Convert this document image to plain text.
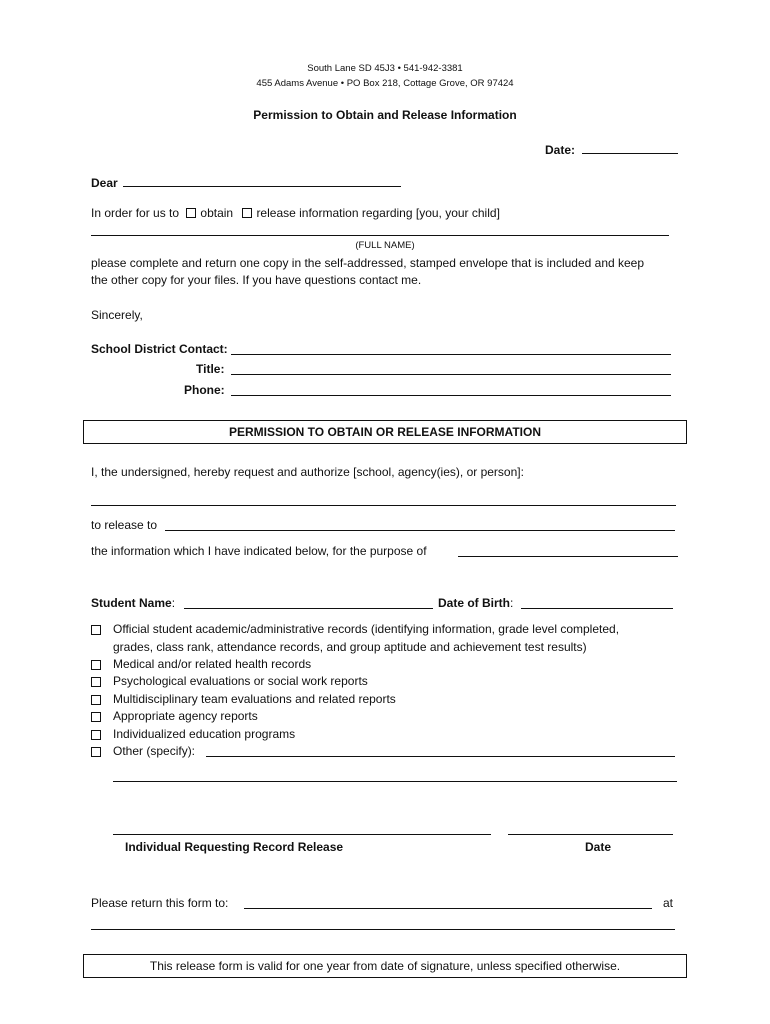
South Lane SD 45J3 • 541-942-3381
455 Adams Avenue • PO Box 218, Cottage Grove, OR 97424
Permission to Obtain and Release Information
Date:
Dear
In order for us to obtain release information regarding [you, your child]
(FULL NAME)
please complete and return one copy in the self-addressed, stamped envelope that is included and keep
the other copy for your files. If you have questions contact me.
Sincerely,
School District Contact:
Title:
Phone:
PERMISSION TO OBTAIN OR RELEASE INFORMATION
I, the undersigned, hereby request and authorize [school, agency(ies), or person]:
to release to
the information which I have indicated below, for the purpose of
Student Name:	Date of Birth:
Official student academic/administrative records (identifying information, grade level completed,
grades, class rank, attendance records, and group aptitude and achievement test results)
Medical and/or related health records
Psychological evaluations or social work reports
Multidisciplinary team evaluations and related reports
Appropriate agency reports
Individualized education programs
Other (specify):
Individual Requesting Record Release	Date
Please return this form to:	at
This release form is valid for one year from date of signature, unless specified otherwise.
